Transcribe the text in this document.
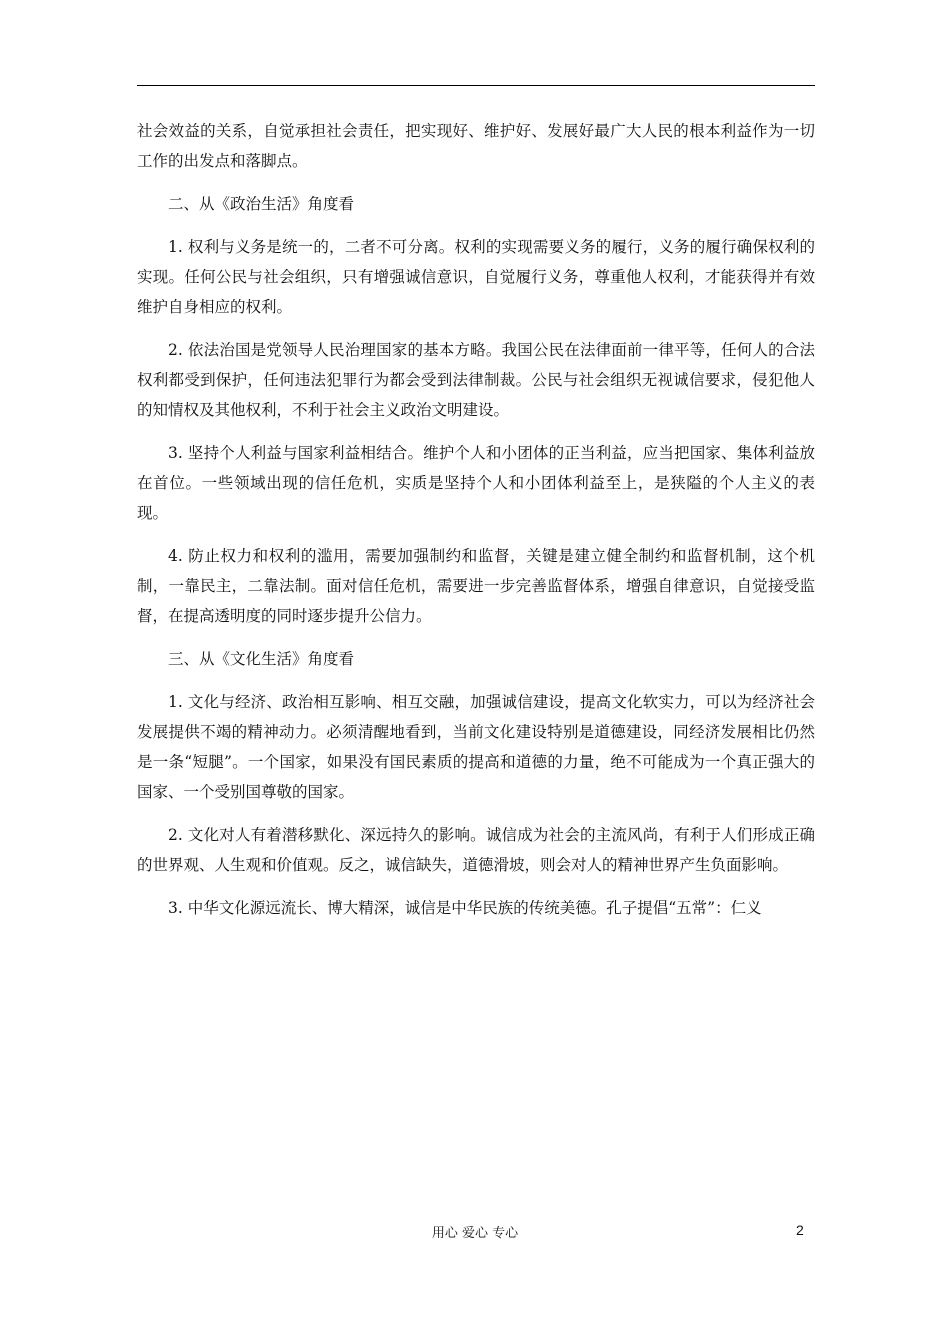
社会效益的关系，自觉承担社会责任，把实现好、维护好、发展好最广大人民的根本利益作为一切工作的出发点和落脚点。

二、从《政治生活》角度看

1. 权利与义务是统一的，二者不可分离。权利的实现需要义务的履行，义务的履行确保权利的实现。任何公民与社会组织，只有增强诚信意识，自觉履行义务，尊重他人权利，才能获得并有效维护自身相应的权利。

2. 依法治国是党领导人民治理国家的基本方略。我国公民在法律面前一律平等，任何人的合法权利都受到保护，任何违法犯罪行为都会受到法律制裁。公民与社会组织无视诚信要求，侵犯他人的知情权及其他权利，不利于社会主义政治文明建设。

3. 坚持个人利益与国家利益相结合。维护个人和小团体的正当利益，应当把国家、集体利益放在首位。一些领域出现的信任危机，实质是坚持个人和小团体利益至上，是狭隘的个人主义的表现。

4. 防止权力和权利的滥用，需要加强制约和监督，关键是建立健全制约和监督机制，这个机制，一靠民主，二靠法制。面对信任危机，需要进一步完善监督体系，增强自律意识，自觉接受监督，在提高透明度的同时逐步提升公信力。

三、从《文化生活》角度看

1. 文化与经济、政治相互影响、相互交融，加强诚信建设，提高文化软实力，可以为经济社会发展提供不竭的精神动力。必须清醒地看到，当前文化建设特别是道德建设，同经济发展相比仍然是一条“短腿”。一个国家，如果没有国民素质的提高和道德的力量，绝不可能成为一个真正强大的国家、一个受别国尊敬的国家。

2. 文化对人有着潜移默化、深远持久的影响。诚信成为社会的主流风尚，有利于人们形成正确的世界观、人生观和价值观。反之，诚信缺失，道德滑坡，则会对人的精神世界产生负面影响。

3. 中华文化源远流长、博大精深，诚信是中华民族的传统美德。孔子提倡“五常”：仁义

用心 爱心 专心	2
